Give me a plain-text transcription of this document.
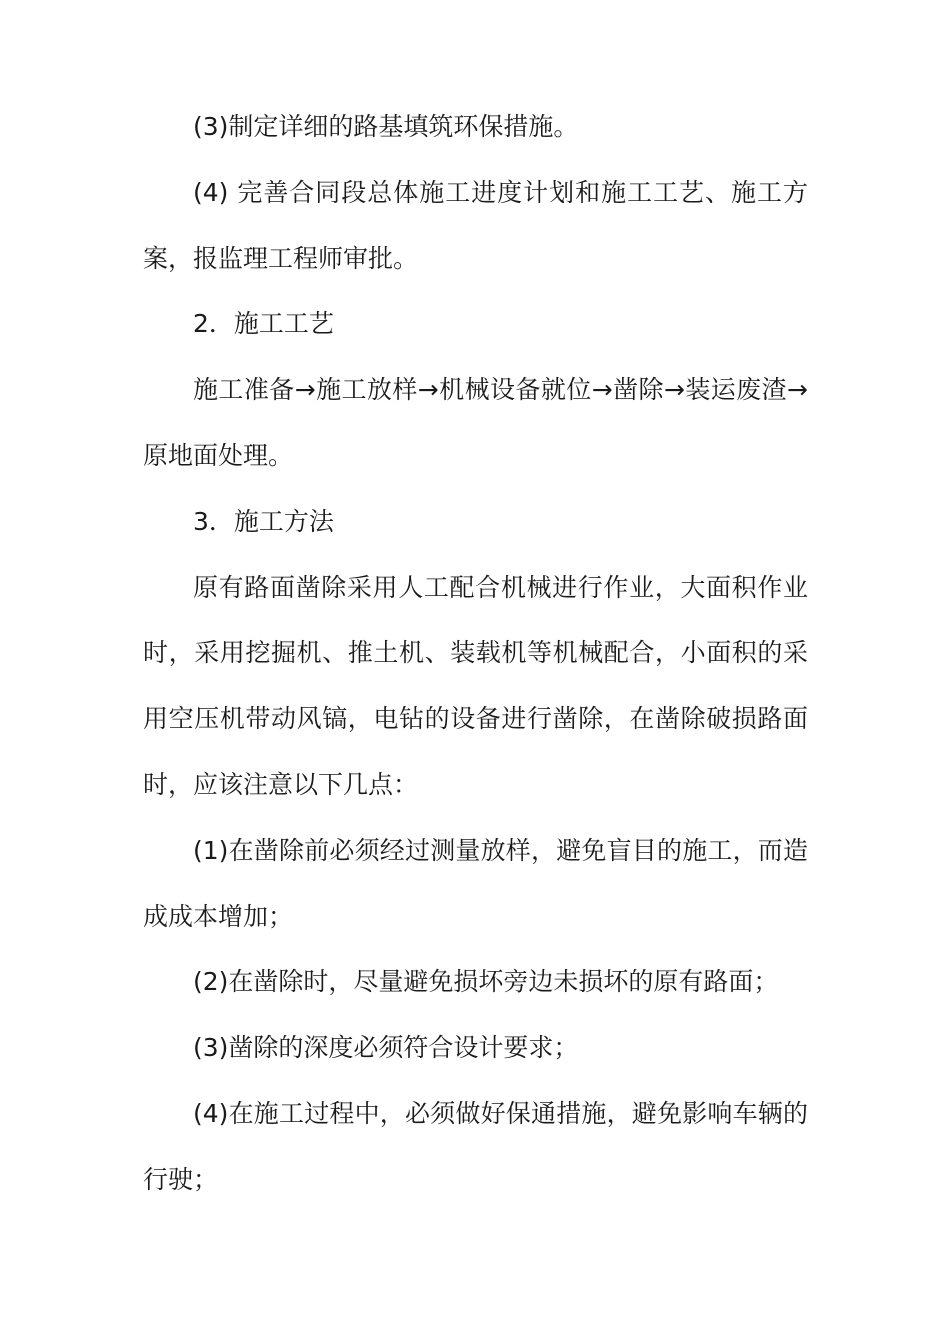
(3)制定详细的路基填筑环保措施。

(4) 完善合同段总体施工进度计划和施工工艺、施工方案，报监理工程师审批。

2．施工工艺

施工准备→施工放样→机械设备就位→凿除→装运废渣→原地面处理。

3．施工方法

原有路面凿除采用人工配合机械进行作业，大面积作业时，采用挖掘机、推土机、装载机等机械配合，小面积的采用空压机带动风镐，电钻的设备进行凿除，在凿除破损路面时，应该注意以下几点：

(1)在凿除前必须经过测量放样，避免盲目的施工，而造成成本增加；

(2)在凿除时，尽量避免损坏旁边未损坏的原有路面；

(3)凿除的深度必须符合设计要求；

(4)在施工过程中，必须做好保通措施，避免影响车辆的行驶；
